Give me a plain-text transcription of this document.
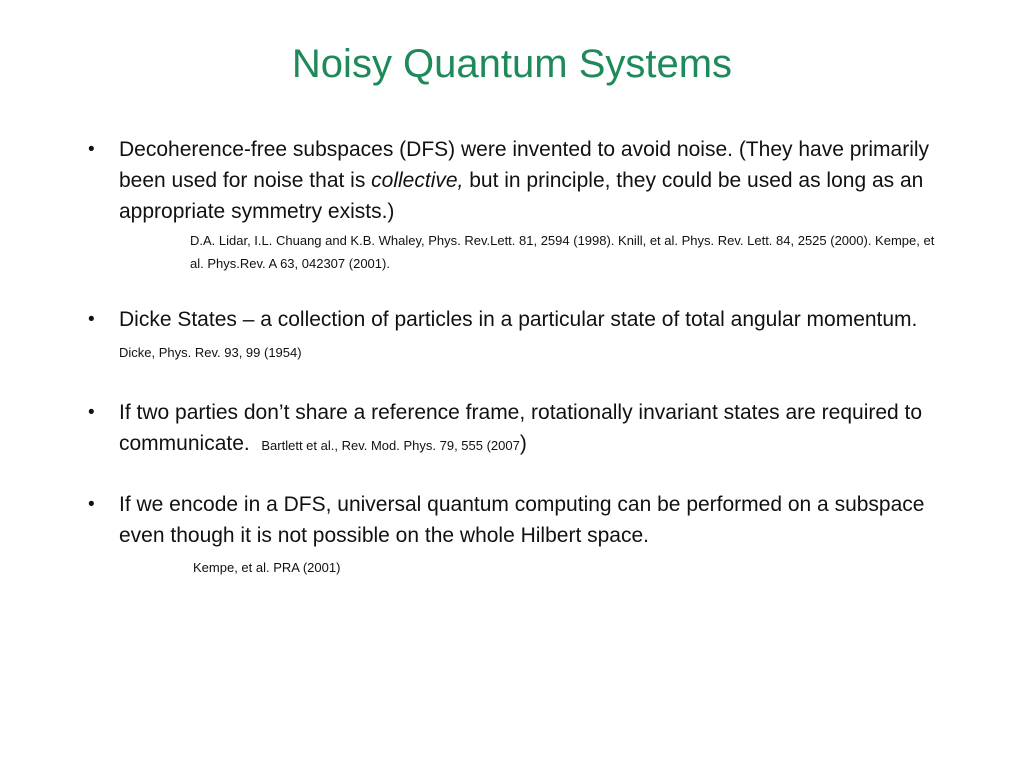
Noisy Quantum Systems
• Decoherence-free subspaces (DFS) were invented to avoid noise. (They have primarily been used for noise that is collective, but in principle, they could be used as long as an appropriate symmetry exists.)
D.A. Lidar, I.L. Chuang and K.B. Whaley, Phys. Rev.Lett. 81, 2594 (1998). Knill, et al. Phys. Rev. Lett. 84, 2525 (2000). Kempe, et al. Phys.Rev. A 63, 042307 (2001).
• Dicke States – a collection of particles in a particular state of total angular momentum. Dicke, Phys. Rev. 93, 99 (1954)
• If two parties don’t share a reference frame, rotationally invariant states are required to communicate. Bartlett et al., Rev. Mod. Phys. 79, 555 (2007)
• If we encode in a DFS, universal quantum computing can be performed on a subspace even though it is not possible on the whole Hilbert space.
Kempe, et al. PRA (2001)
